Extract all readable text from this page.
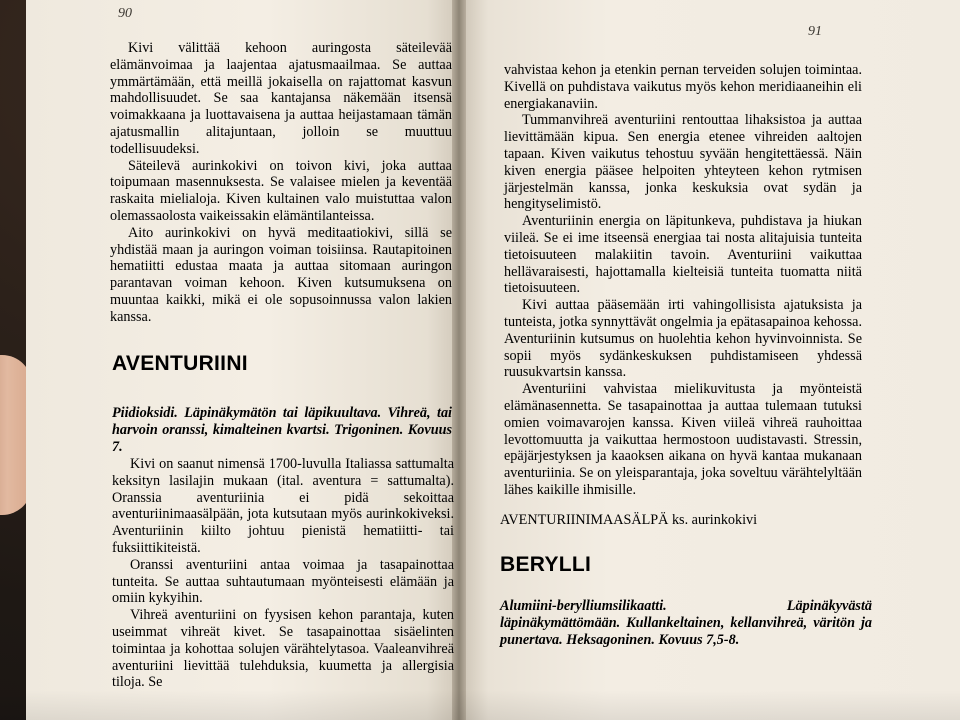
90
91

Kivi välittää kehoon auringosta säteilevää elämänvoimaa ja laajentaa ajatusmaailmaa. Se auttaa ymmärtämään, että meillä jokaisella on rajattomat kasvun mahdollisuudet. Se saa kantajansa näkemään itsensä voimakkaana ja luottavaisena ja auttaa heijastamaan tämän ajatusmallin alitajuntaan, jolloin se muuttuu todellisuudeksi.

Säteilevä aurinkokivi on toivon kivi, joka auttaa toipumaan masennuksesta. Se valaisee mielen ja keventää raskaita mielialoja. Kiven kultainen valo muistuttaa valon olemassaolosta vaikeissakin elämäntilanteissa.

Aito aurinkokivi on hyvä meditaatiokivi, sillä se yhdistää maan ja auringon voiman toisiinsa. Rautapitoinen hematiitti edustaa maata ja auttaa sitomaan auringon parantavan voiman kehoon. Kiven kutsumuksena on muuntaa kaikki, mikä ei ole sopusoinnussa valon lakien kanssa.

AVENTURIINI

Piidioksidi. Läpinäkymätön tai läpikuultava. Vihreä, tai harvoin oranssi, kimalteinen kvartsi. Trigoninen. Kovuus 7.

Kivi on saanut nimensä 1700-luvulla Italiassa sattumalta keksityn lasilajin mukaan (ital. aventura = sattumalta). Oranssia aventuriinia ei pidä sekoittaa aventuriinimaasälpään, jota kutsutaan myös aurinkokiveksi. Aventuriinin kiilto johtuu pienistä hematiitti- tai fuksiittikiteistä.

Oranssi aventuriini antaa voimaa ja tasapainottaa tunteita. Se auttaa suhtautumaan myönteisesti elämään ja omiin kykyihin.

Vihreä aventuriini on fyysisen kehon parantaja, kuten useimmat vihreät kivet. Se tasapainottaa sisäelinten toimintaa ja kohottaa solujen värähtelytasoa. Vaaleanvihreä aventuriini lievittää tulehduksia, kuumetta ja allergisia tiloja. Se

vahvistaa kehon ja etenkin pernan terveiden solujen toimintaa. Kivellä on puhdistava vaikutus myös kehon meridiaaneihin eli energiakanaviin.

Tummanvihreä aventuriini rentouttaa lihaksistoa ja auttaa lievittämään kipua. Sen energia etenee vihreiden aaltojen tapaan. Kiven vaikutus tehostuu syvään hengitettäessä. Näin kiven energia pääsee helpoiten yhteyteen kehon rytmisen järjestelmän kanssa, jonka keskuksia ovat sydän ja hengityselimistö.

Aventuriinin energia on läpitunkeva, puhdistava ja hiukan viileä. Se ei ime itseensä energiaa tai nosta alitajuisia tunteita tietoisuuteen malakiitin tavoin. Aventuriini vaikuttaa hellävaraisesti, hajottamalla kielteisiä tunteita tuomatta niitä tietoisuuteen.

Kivi auttaa pääsemään irti vahingollisista ajatuksista ja tunteista, jotka synnyttävät ongelmia ja epätasapainoa kehossa. Aventuriinin kutsumus on huolehtia kehon hyvinvoinnista. Se sopii myös sydänkeskuksen puhdistamiseen yhdessä ruusukvartsin kanssa.

Aventuriini vahvistaa mielikuvitusta ja myönteistä elämänasennetta. Se tasapainottaa ja auttaa tulemaan tutuksi omien voimavarojen kanssa. Kiven viileä vihreä rauhoittaa levottomuutta ja vaikuttaa hermostoon uudistavasti. Stressin, epäjärjestyksen ja kaaoksen aikana on hyvä kantaa mukanaan aventuriinia. Se on yleisparantaja, joka soveltuu värähtelyltään lähes kaikille ihmisille.

AVENTURIINIMAASÄLPÄ ks. aurinkokivi

BERYLLI

Alumiini-berylliumsilikaatti. Läpinäkyvästä läpinäkymättömään. Kullankeltainen, kellanvihreä, väritön ja punertava. Heksagoninen. Kovuus 7,5-8.
